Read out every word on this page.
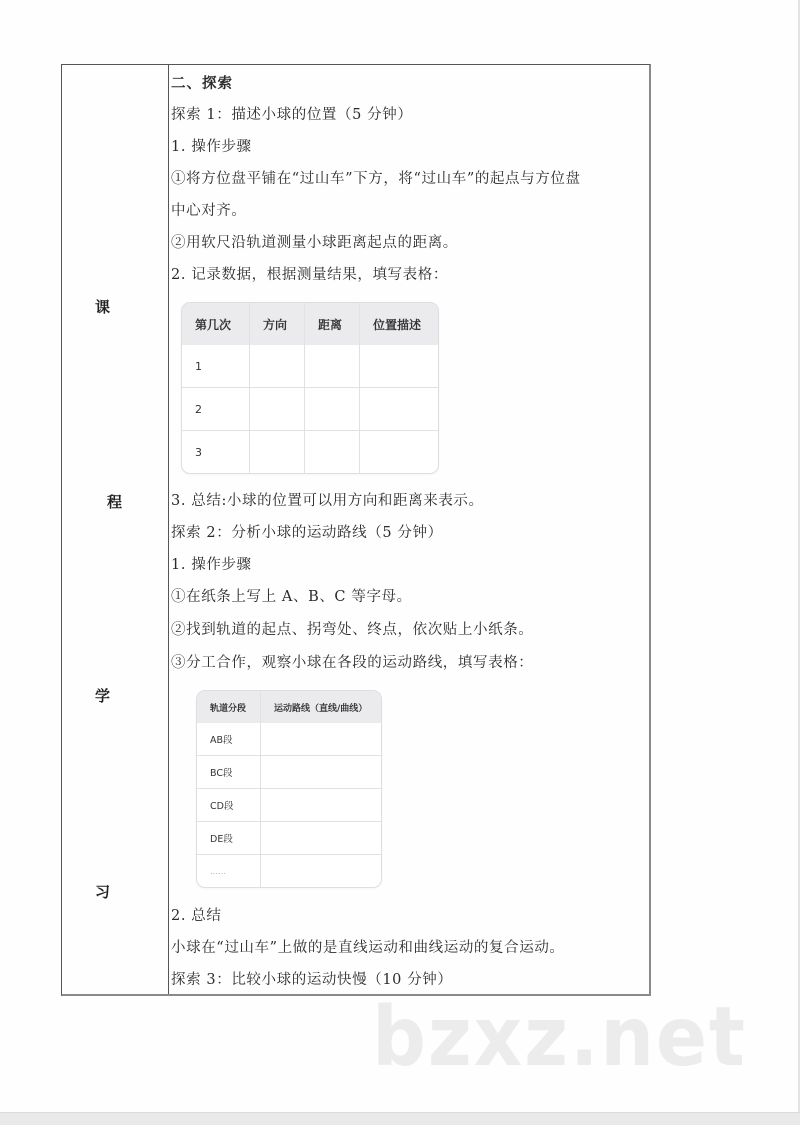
课
程
学
习
二、探索
探索 1：描述小球的位置（5 分钟）
1. 操作步骤
①将方位盘平铺在“过山车”下方，将“过山车”的起点与方位盘
中心对齐。
②用软尺沿轨道测量小球距离起点的距离。
2. 记录数据，根据测量结果，填写表格：
第几次	方向	距离	位置描述
1			
2			
3			
3. 总结:小球的位置可以用方向和距离来表示。
探索 2：分析小球的运动路线（5 分钟）
1. 操作步骤
①在纸条上写上 A、B、C 等字母。
②找到轨道的起点、拐弯处、终点，依次贴上小纸条。
③分工合作，观察小球在各段的运动路线，填写表格：
轨道分段	运动路线（直线/曲线）
AB段	
BC段	
CD段	
DE段	
……	
2. 总结
小球在“过山车”上做的是直线运动和曲线运动的复合运动。
探索 3：比较小球的运动快慢（10 分钟）
bzxz.net
